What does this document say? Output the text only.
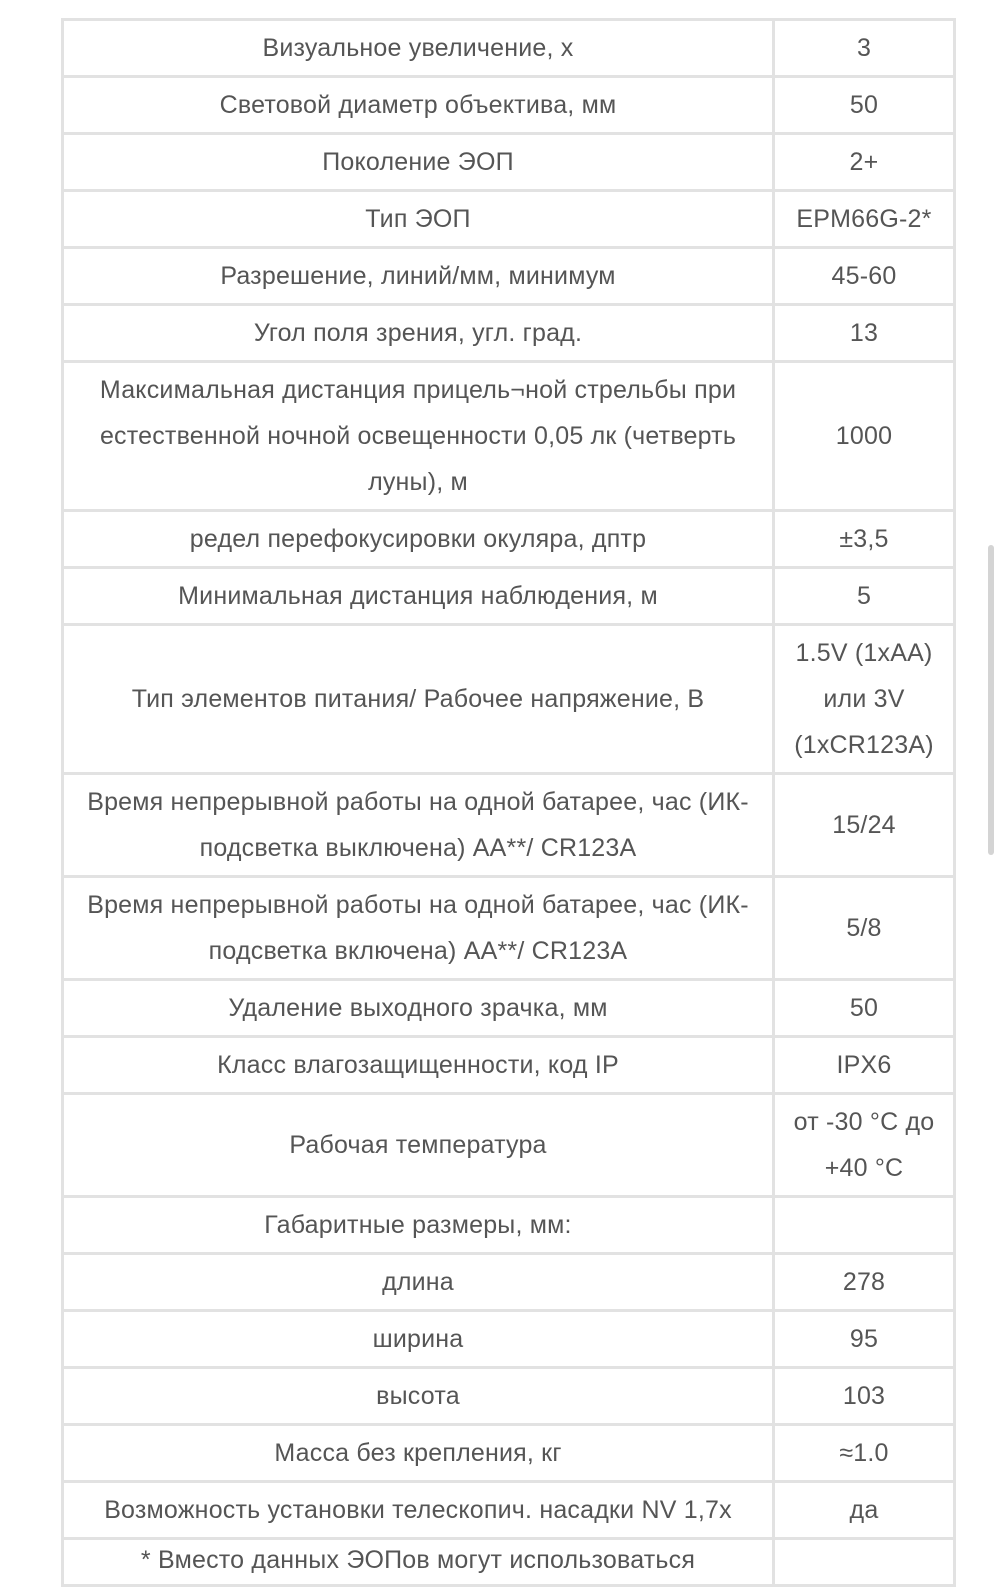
Визуальное увеличение, х	3
Световой диаметр объектива, мм	50
Поколение ЭОП	2+
Тип ЭОП	EPM66G-2*
Разрешение, линий/мм, минимум	45-60
Угол поля зрения, угл. град.	13
Максимальная дистанция прицель¬ной стрельбы при естественной ночной освещенности 0,05 лк (четверть луны), м	1000
редел перефокусировки окуляра, дптр	±3,5
Минимальная дистанция наблюдения, м	5
Тип элементов питания/ Рабочее напряжение, В	1.5V (1xAA) или 3V (1xCR123A)
Время непрерывной работы на одной батарее, час (ИК-подсветка выключена) АА**/ CR123A	15/24
Время непрерывной работы на одной батарее, час (ИК-подсветка включена) АА**/ CR123A	5/8
Удаление выходного зрачка, мм	50
Класс влагозащищенности, код IP	IPX6
Рабочая температура	от -30 °C до +40 °C
Габаритные размеры, мм:	
длина	278
ширина	95
высота	103
Масса без крепления, кг	≈1.0
Возможность установки телескопич. насадки NV 1,7х	да
* Вместо данных ЭОПов могут использоваться	
